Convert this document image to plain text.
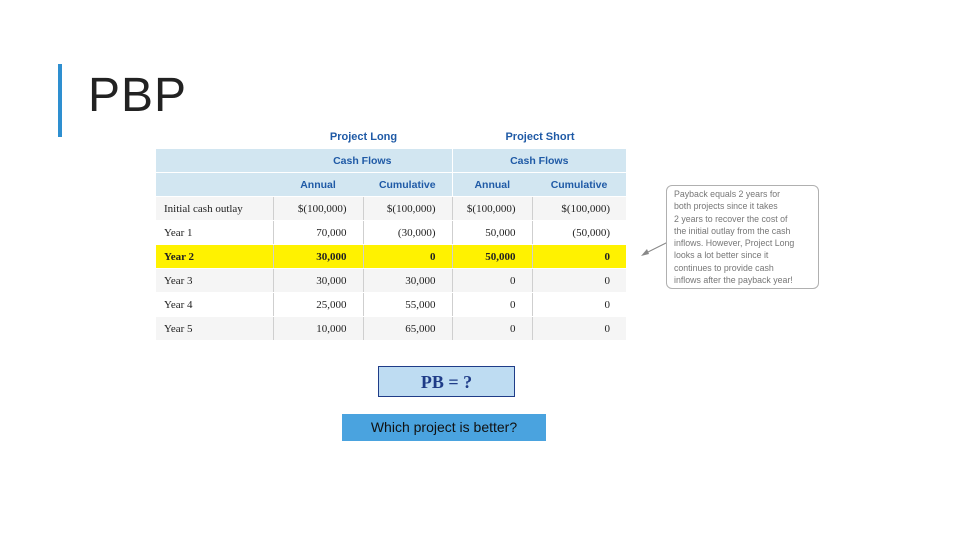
PBP
Project Long	Project Short
	Cash Flows		Cash Flows	
	Annual	Cumulative	Annual	Cumulative
Initial cash outlay	$(100,000)	$(100,000)	$(100,000)	$(100,000)
Year 1	70,000	(30,000)	50,000	(50,000)
Year 2	30,000	0	50,000	0
Year 3	30,000	30,000	0	0
Year 4	25,000	55,000	0	0
Year 5	10,000	65,000	0	0
Payback equals 2 years for
both projects since it takes
2 years to recover the cost of
the initial outlay from the cash
inflows. However, Project Long
looks a lot better since it
continues to provide cash
inflows after the payback year!
PB = ?
Which project is better?
